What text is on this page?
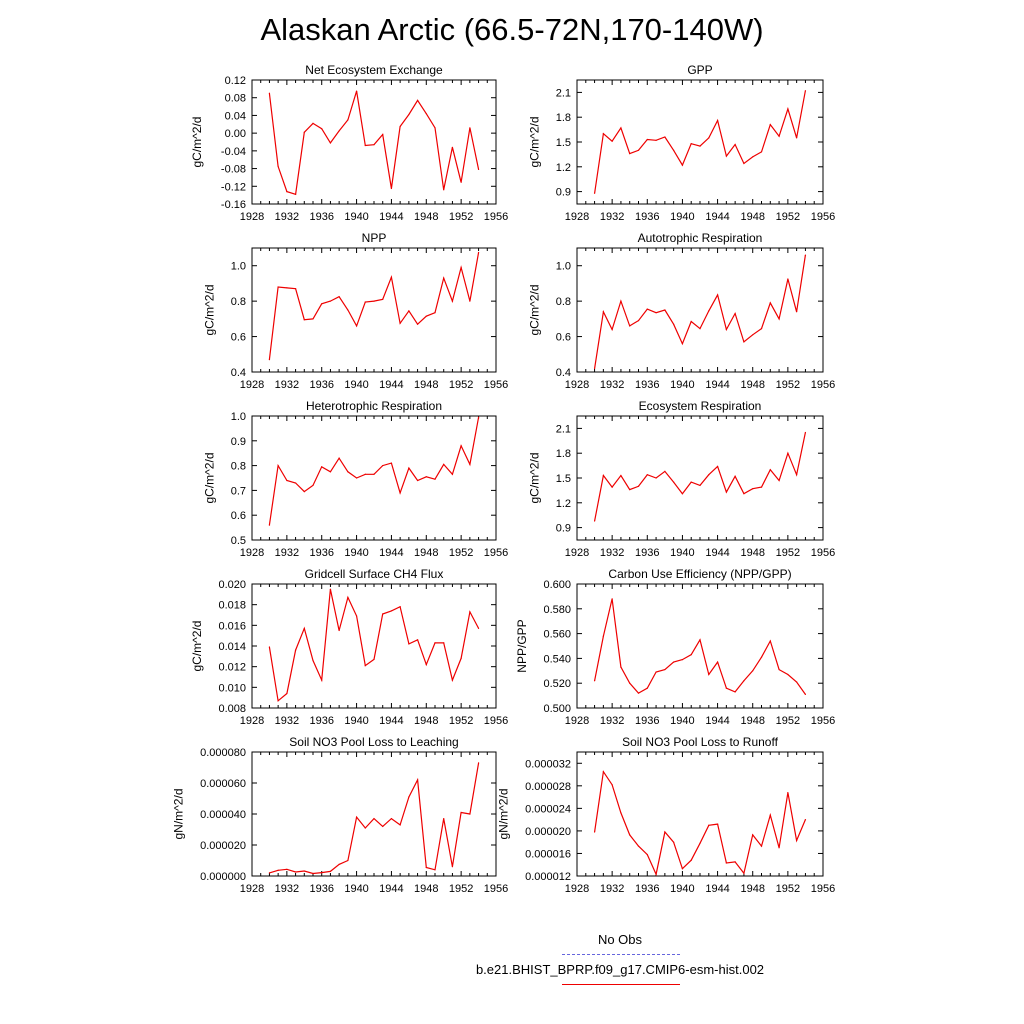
Alaskan Arctic (66.5-72N,170-140W)
1928 1932 1936 1940 1944 1948 1952 1956
-0.16
-0.12
-0.08
-0.04
0.00
0.04
0.08
0.12
Net Ecosystem Exchange
gC/m^2/d
1928 1932 1936 1940 1944 1948 1952 1956
0.9
1.2
1.5
1.8
2.1
GPP
gC/m^2/d
1928 1932 1936 1940 1944 1948 1952 1956
0.4
0.6
0.8
1.0
NPP
gC/m^2/d
1928 1932 1936 1940 1944 1948 1952 1956
0.4
0.6
0.8
1.0
Autotrophic Respiration
gC/m^2/d
1928 1932 1936 1940 1944 1948 1952 1956
0.5
0.6
0.7
0.8
0.9
1.0
Heterotrophic Respiration
gC/m^2/d
1928 1932 1936 1940 1944 1948 1952 1956
0.9
1.2
1.5
1.8
2.1
Ecosystem Respiration
gC/m^2/d
1928 1932 1936 1940 1944 1948 1952 1956
0.008
0.010
0.012
0.014
0.016
0.018
0.020
Gridcell Surface CH4 Flux
gC/m^2/d
1928 1932 1936 1940 1944 1948 1952 1956
0.500
0.520
0.540
0.560
0.580
0.600
Carbon Use Efficiency (NPP/GPP)
NPP/GPP
1928 1932 1936 1940 1944 1948 1952 1956
0.000000
0.000020
0.000040
0.000060
0.000080
Soil NO3 Pool Loss to Leaching
gN/m^2/d
1928 1932 1936 1940 1944 1948 1952 1956
0.000012
0.000016
0.000020
0.000024
0.000028
0.000032
Soil NO3 Pool Loss to Runoff
gN/m^2/d
No Obs
b.e21.BHIST_BPRP.f09_g17.CMIP6-esm-hist.002
